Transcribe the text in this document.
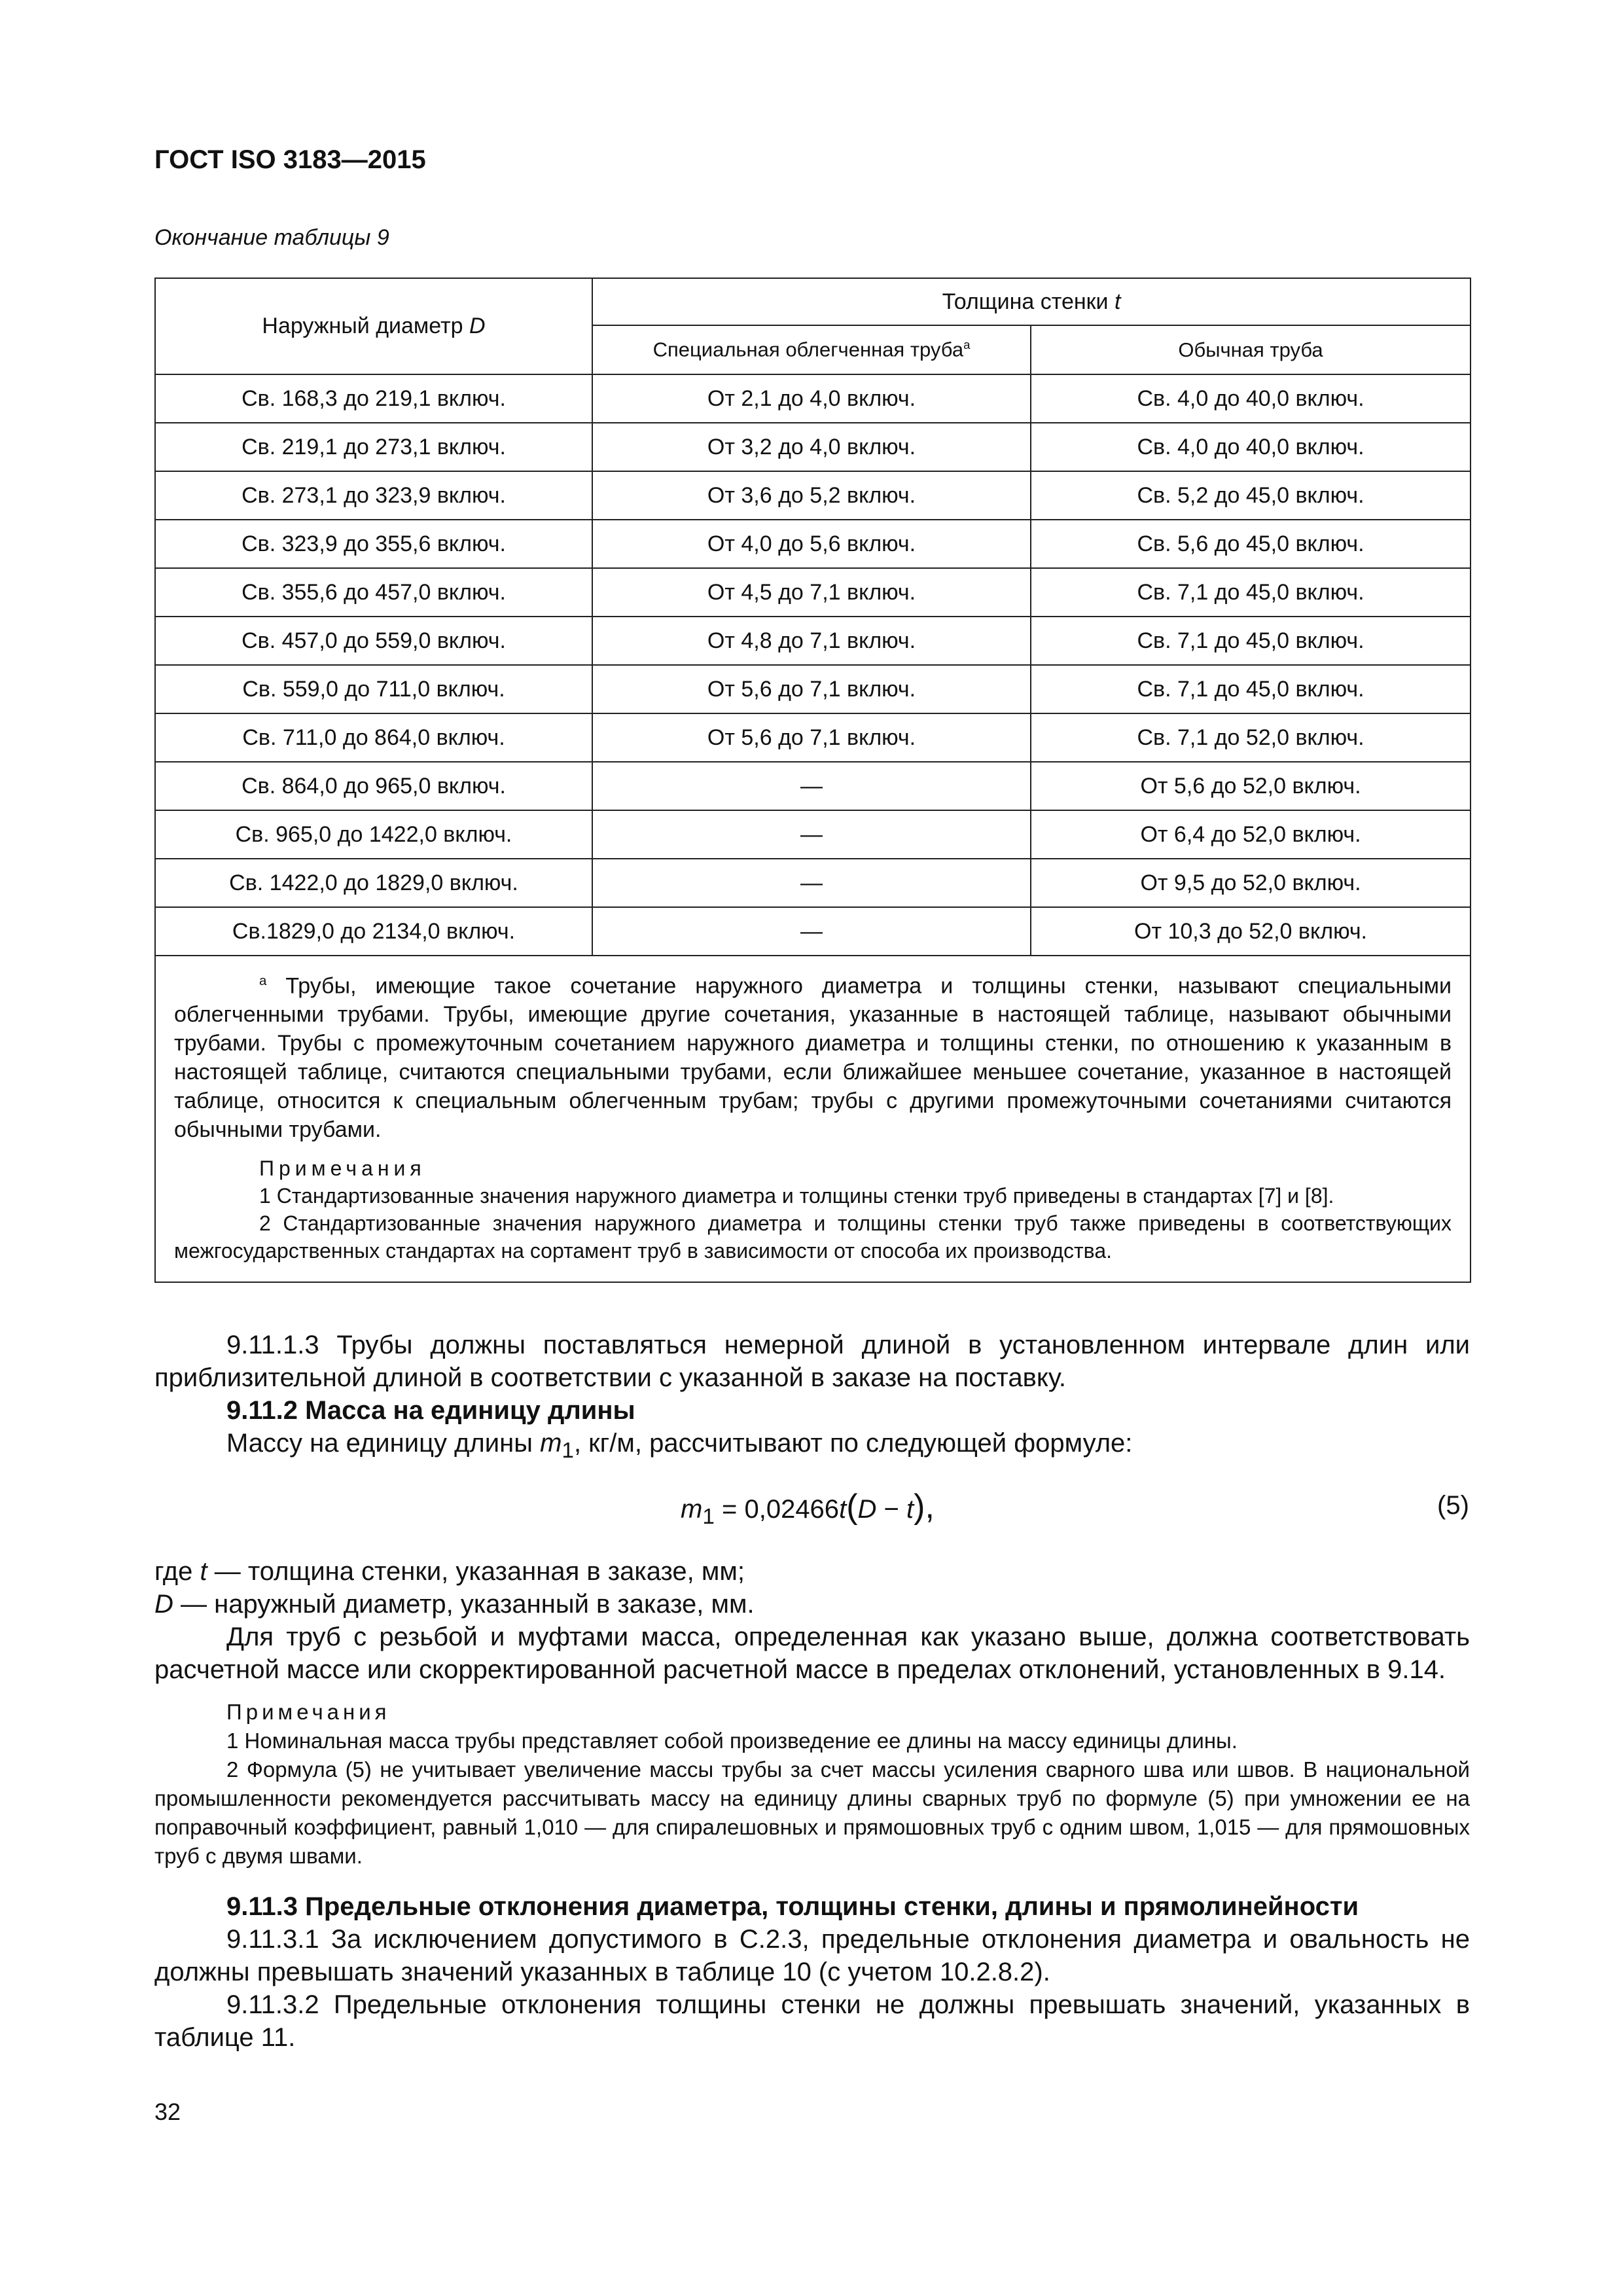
ГОСТ ISO 3183—2015
Окончание таблицы 9
Наружный диаметр D	Толщина стенки t	
	Специальная облегченная труба$^a$	Обычная труба
Св. 168,3 до 219,1 включ.	От 2,1 до 4,0 включ.	Св. 4,0 до 40,0 включ.
Св. 219,1 до 273,1 включ.	От 3,2 до 4,0 включ.	Св. 4,0 до 40,0 включ.
Св. 273,1 до 323,9 включ.	От 3,6 до 5,2 включ.	Св. 5,2 до 45,0 включ.
Св. 323,9 до 355,6 включ.	От 4,0 до 5,6 включ.	Св. 5,6 до 45,0 включ.
Св. 355,6 до 457,0 включ.	От 4,5 до 7,1 включ.	Св. 7,1 до 45,0 включ.
Св. 457,0 до 559,0 включ.	От 4,8 до 7,1 включ.	Св. 7,1 до 45,0 включ.
Св. 559,0 до 711,0 включ.	От 5,6 до 7,1 включ.	Св. 7,1 до 45,0 включ.
Св. 711,0 до 864,0 включ.	От 5,6 до 7,1 включ.	Св. 7,1 до 52,0 включ.
Св. 864,0 до 965,0 включ.	—	От 5,6 до 52,0 включ.
Св. 965,0 до 1422,0 включ.	—	От 6,4 до 52,0 включ.
Св. 1422,0 до 1829,0 включ.	—	От 9,5 до 52,0 включ.
Св.1829,0 до 2134,0 включ.	—	От 10,3 до 52,0 включ.

$^a$ Трубы, имеющие такое сочетание наружного диаметра и толщины стенки, называют специальными облегченными трубами. Трубы, имеющие другие сочетания, указанные в настоящей таблице, называют обычными трубами. Трубы с промежуточным сочетанием наружного диаметра и толщины стенки, по отношению к указанным в настоящей таблице, считаются специальными трубами, если ближайшее меньшее сочетание, указанное в настоящей таблице, относится к специальным облегченным трубам; трубы с другими промежуточными сочетаниями считаются обычными трубами.
Примечания
1 Стандартизованные значения наружного диаметра и толщины стенки труб приведены в стандартах [7] и [8].
2 Стандартизованные значения наружного диаметра и толщины стенки труб также приведены в соответствующих межгосударственных стандартах на сортамент труб в зависимости от способа их производства.		
9.11.1.3 Трубы должны поставляться немерной длиной в установленном интервале длин или приблизительной длиной в соответствии с указанной в заказе на поставку.
9.11.2 Масса на единицу длины
Массу на единицу длины $m_1$, кг/м, рассчитывают по следующей формуле:
$m_1 = 0,02466t(D - t)$,	(5)
где t — толщина стенки, указанная в заказе, мм;
D — наружный диаметр, указанный в заказе, мм.
Для труб с резьбой и муфтами масса, определенная как указано выше, должна соответствовать расчетной массе или скорректированной расчетной массе в пределах отклонений, установленных в 9.14.
Примечания
1 Номинальная масса трубы представляет собой произведение ее длины на массу единицы длины.
2 Формула (5) не учитывает увеличение массы трубы за счет массы усиления сварного шва или швов. В национальной промышленности рекомендуется рассчитывать массу на единицу длины сварных труб по формуле (5) при умножении ее на поправочный коэффициент, равный 1,010 — для спиралешовных и прямошовных труб с одним швом, 1,015 — для прямошовных труб с двумя швами.
9.11.3 Предельные отклонения диаметра, толщины стенки, длины и прямолинейности
9.11.3.1 За исключением допустимого в С.2.3, предельные отклонения диаметра и овальность не должны превышать значений указанных в таблице 10 (с учетом 10.2.8.2).
9.11.3.2 Предельные отклонения толщины стенки не должны превышать значений, указанных в таблице 11.
32
